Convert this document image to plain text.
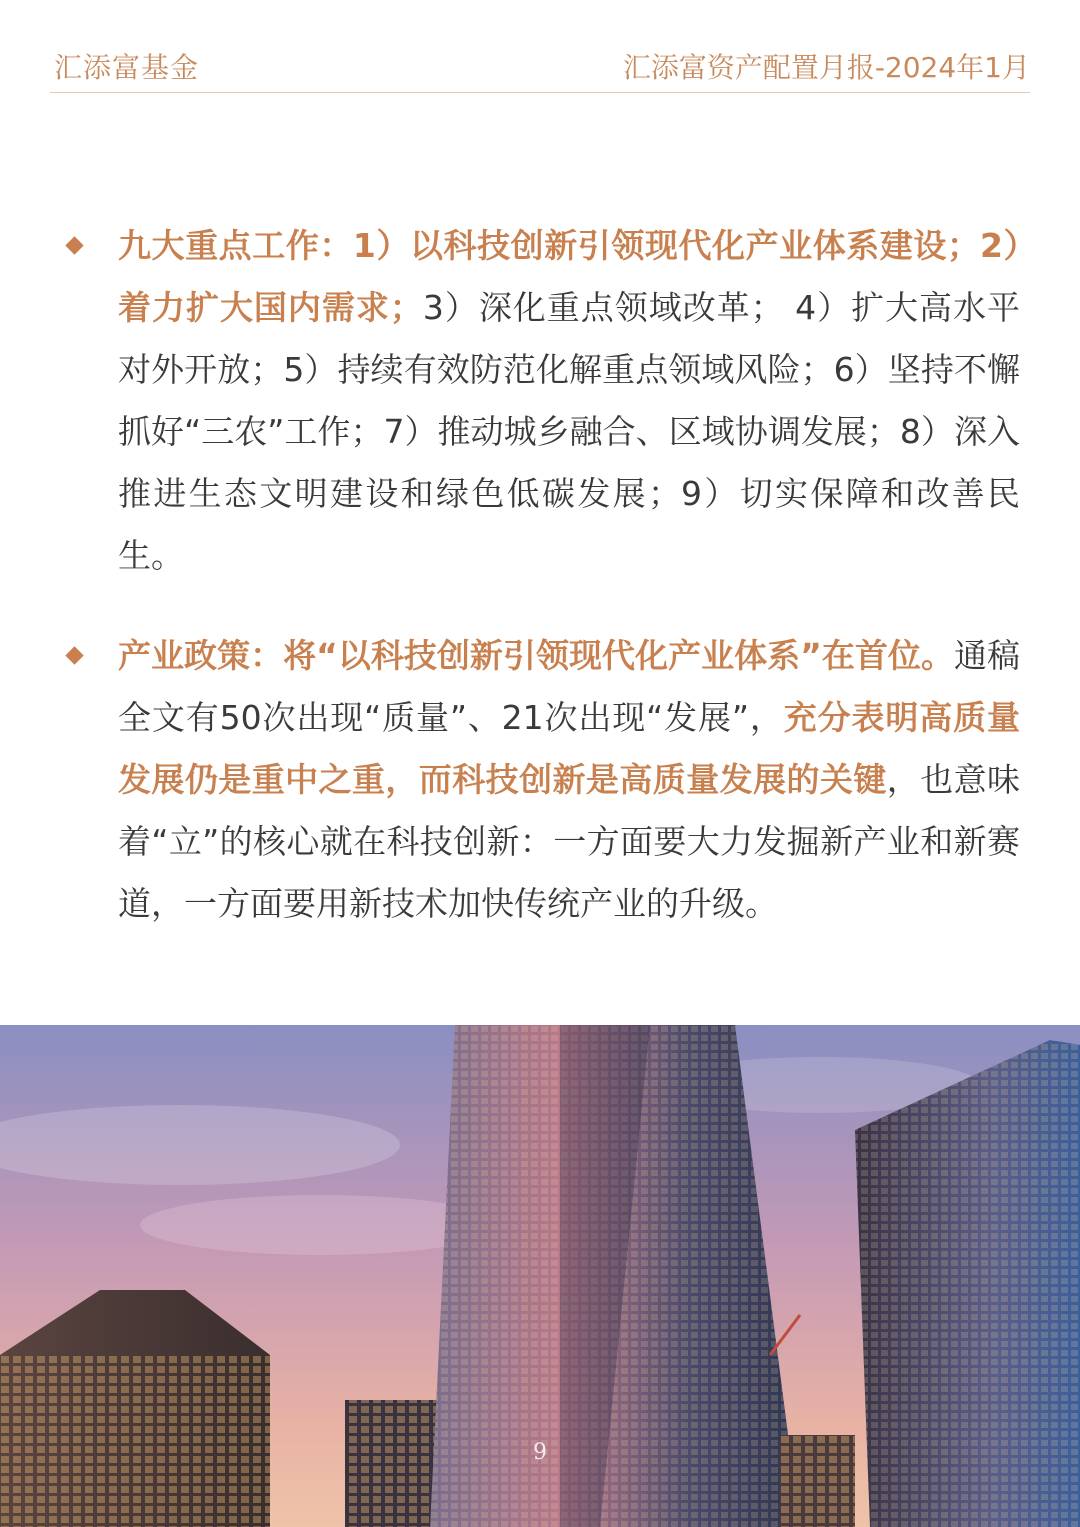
汇添富基金	汇添富资产配置月报-2024年1月

九大重点工作：1）以科技创新引领现代化产业体系建设；2）着力扩大国内需求；3）深化重点领域改革； 4）扩大高水平对外开放；5）持续有效防范化解重点领域风险；6）坚持不懈抓好“三农”工作；7）推动城乡融合、区域协调发展；8）深入推进生态文明建设和绿色低碳发展；9）切实保障和改善民生。

产业政策：将“以科技创新引领现代化产业体系”在首位。通稿全文有50次出现“质量”、21次出现“发展”，充分表明高质量发展仍是重中之重，而科技创新是高质量发展的关键，也意味着“立”的核心就在科技创新：一方面要大力发掘新产业和新赛道，一方面要用新技术加快传统产业的升级。

9
